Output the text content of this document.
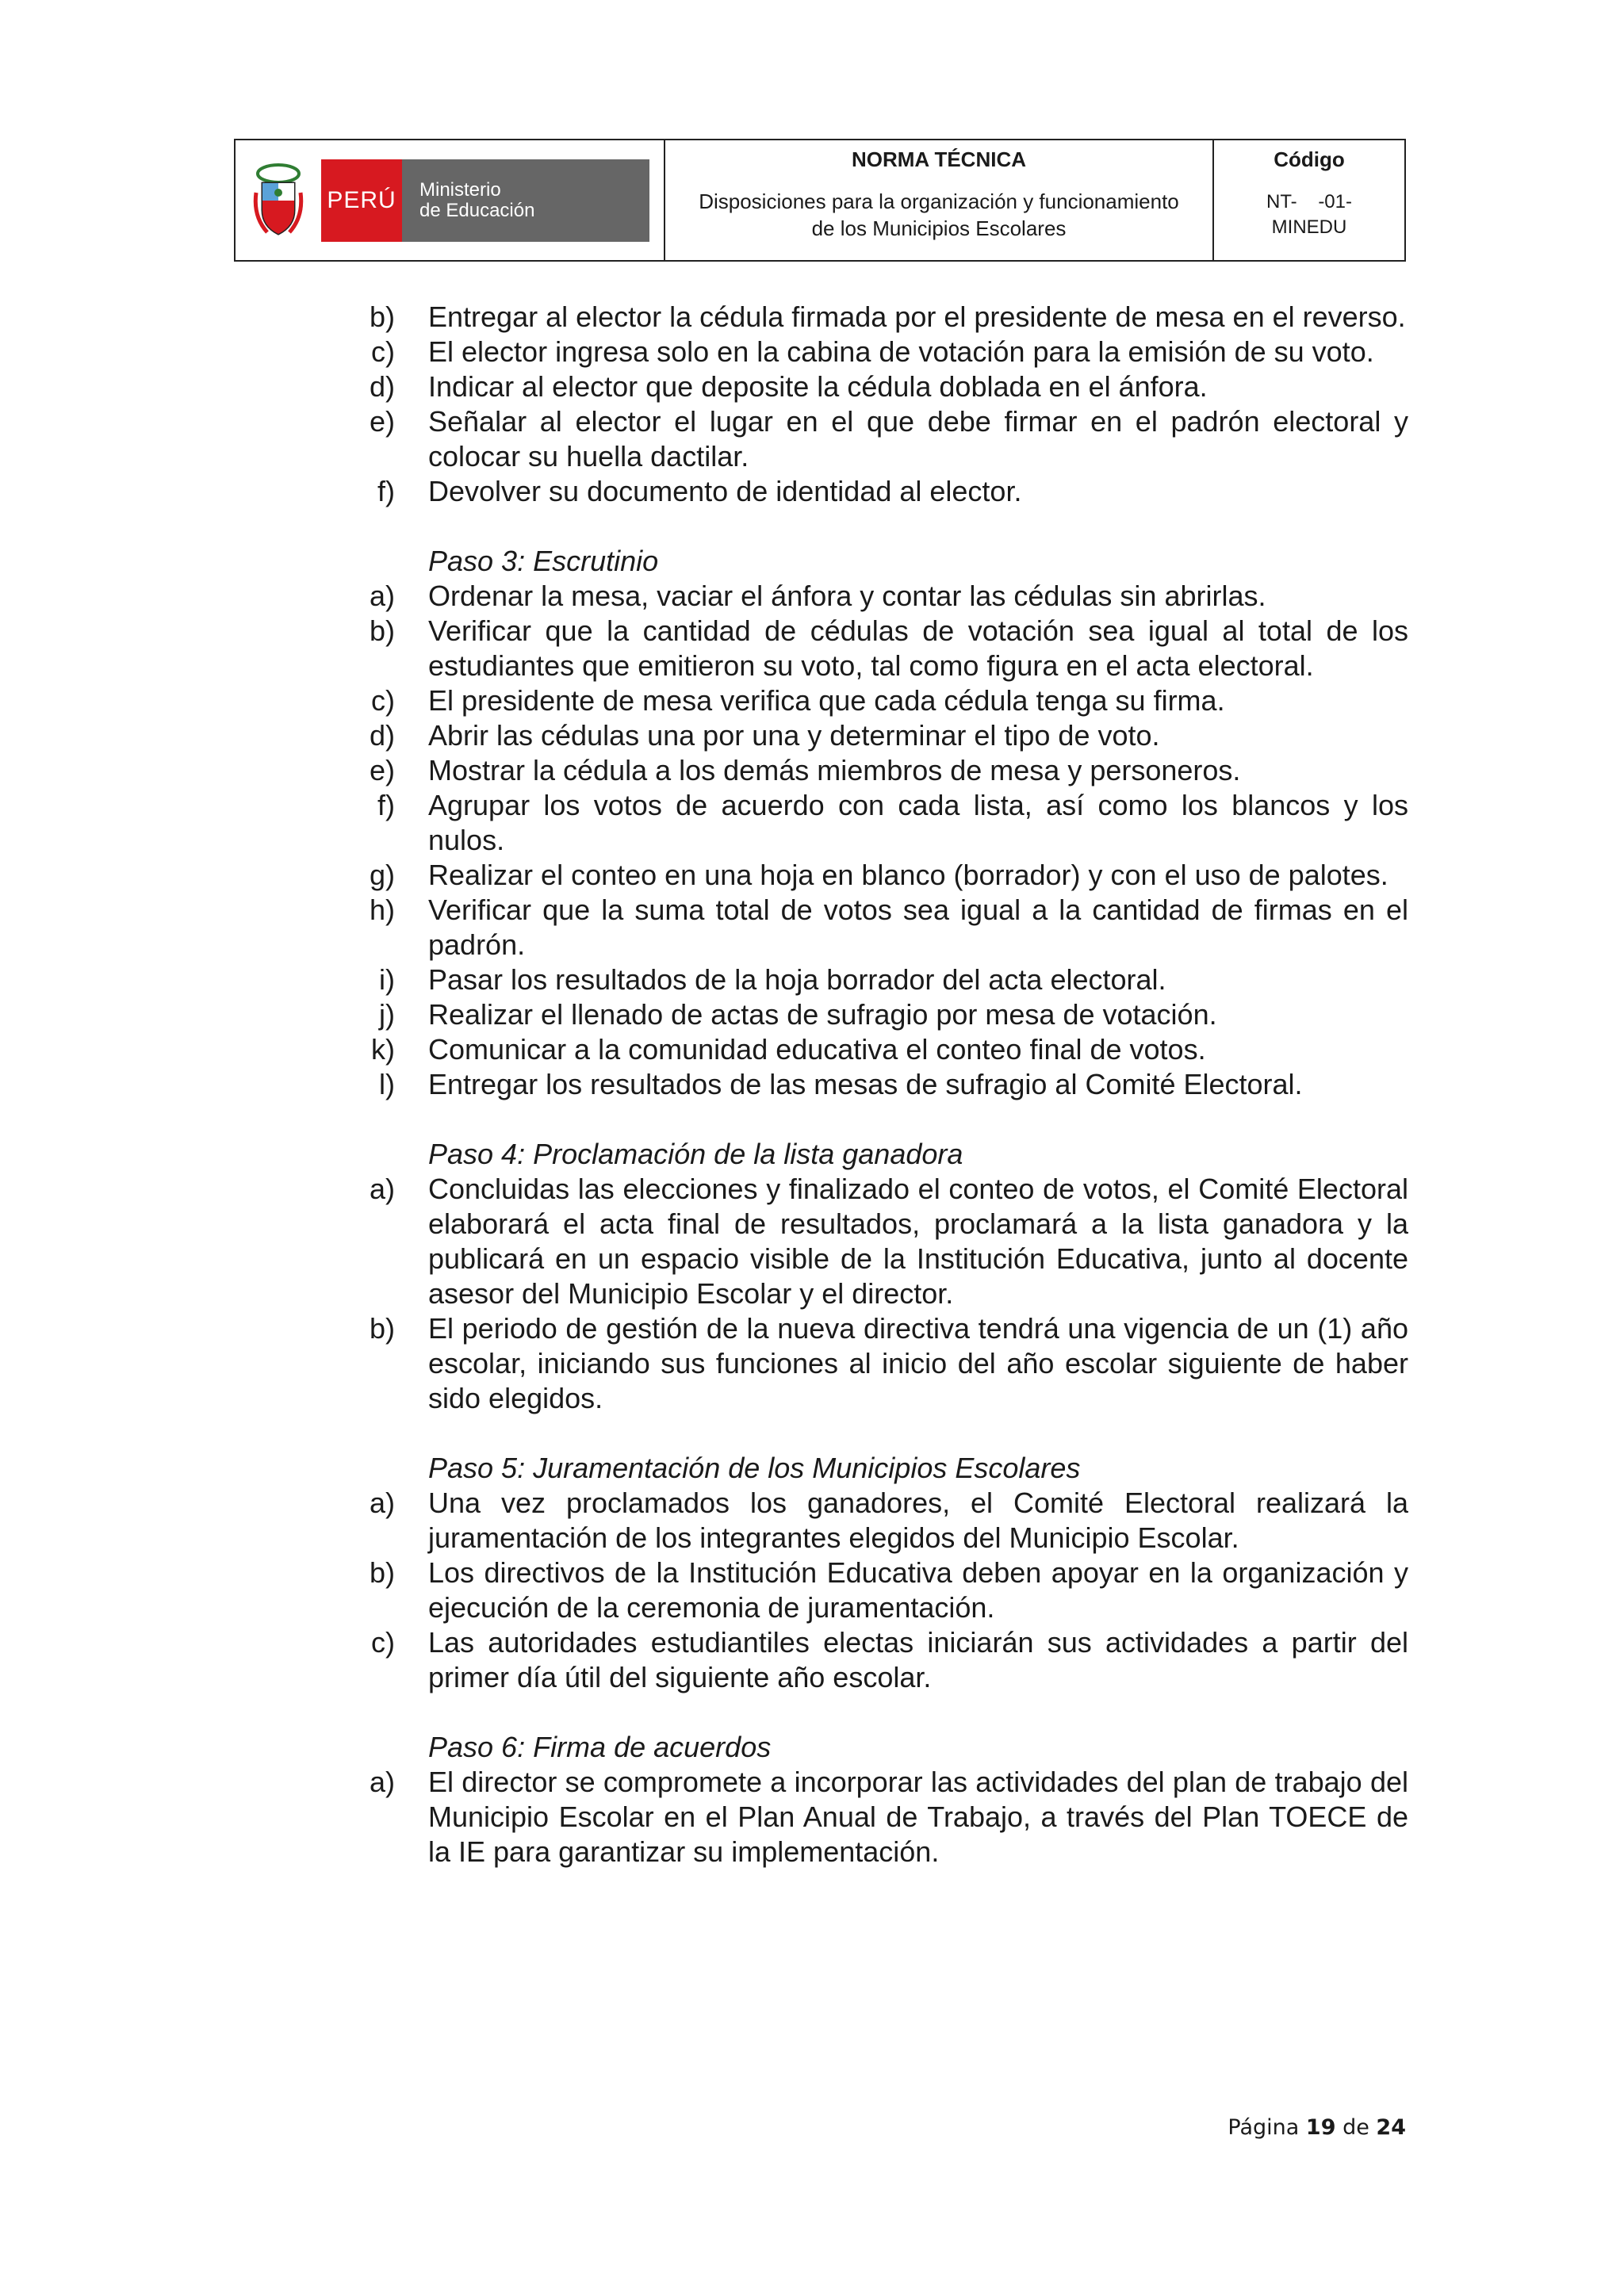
PERÚ	Ministerio
de Educación
NORMA TÉCNICA
Disposiciones para la organización y funcionamiento
de los Municipios Escolares
Código
NT-    -01-
MINEDU
b)	Entregar al elector la cédula firmada por el presidente de mesa en el reverso.
c)	El elector ingresa solo en la cabina de votación para la emisión de su voto.
d)	Indicar al elector que deposite la cédula doblada en el ánfora.
e)	Señalar al elector el lugar en el que debe firmar en el padrón electoral y colocar su huella dactilar.
f)	Devolver su documento de identidad al elector.
Paso 3: Escrutinio
a)	Ordenar la mesa, vaciar el ánfora y contar las cédulas sin abrirlas.
b)	Verificar que la cantidad de cédulas de votación sea igual al total de los estudiantes que emitieron su voto, tal como figura en el acta electoral.
c)	El presidente de mesa verifica que cada cédula tenga su firma.
d)	Abrir las cédulas una por una y determinar el tipo de voto.
e)	Mostrar la cédula a los demás miembros de mesa y personeros.
f)	Agrupar los votos de acuerdo con cada lista, así como los blancos y los nulos.
g)	Realizar el conteo en una hoja en blanco (borrador) y con el uso de palotes.
h)	Verificar que la suma total de votos sea igual a la cantidad de firmas en el padrón.
i)	Pasar los resultados de la hoja borrador del acta electoral.
j)	Realizar el llenado de actas de sufragio por mesa de votación.
k)	Comunicar a la comunidad educativa el conteo final de votos.
l)	Entregar los resultados de las mesas de sufragio al Comité Electoral.
Paso 4: Proclamación de la lista ganadora
a)	Concluidas las elecciones y finalizado el conteo de votos, el Comité Electoral elaborará el acta final de resultados, proclamará a la lista ganadora y la publicará en un espacio visible de la Institución Educativa, junto al docente asesor del Municipio Escolar y el director.
b)	El periodo de gestión de la nueva directiva tendrá una vigencia de un (1) año escolar, iniciando sus funciones al inicio del año escolar siguiente de haber sido elegidos.
Paso 5: Juramentación de los Municipios Escolares
a)	Una vez proclamados los ganadores, el Comité Electoral realizará la juramentación de los integrantes elegidos del Municipio Escolar.
b)	Los directivos de la Institución Educativa deben apoyar en la organización y ejecución de la ceremonia de juramentación.
c)	Las autoridades estudiantiles electas iniciarán sus actividades a partir del primer día útil del siguiente año escolar.
Paso 6: Firma de acuerdos
a)	El director se compromete a incorporar las actividades del plan de trabajo del Municipio Escolar en el Plan Anual de Trabajo, a través del Plan TOECE de la IE para garantizar su implementación.
Página 19 de 24
